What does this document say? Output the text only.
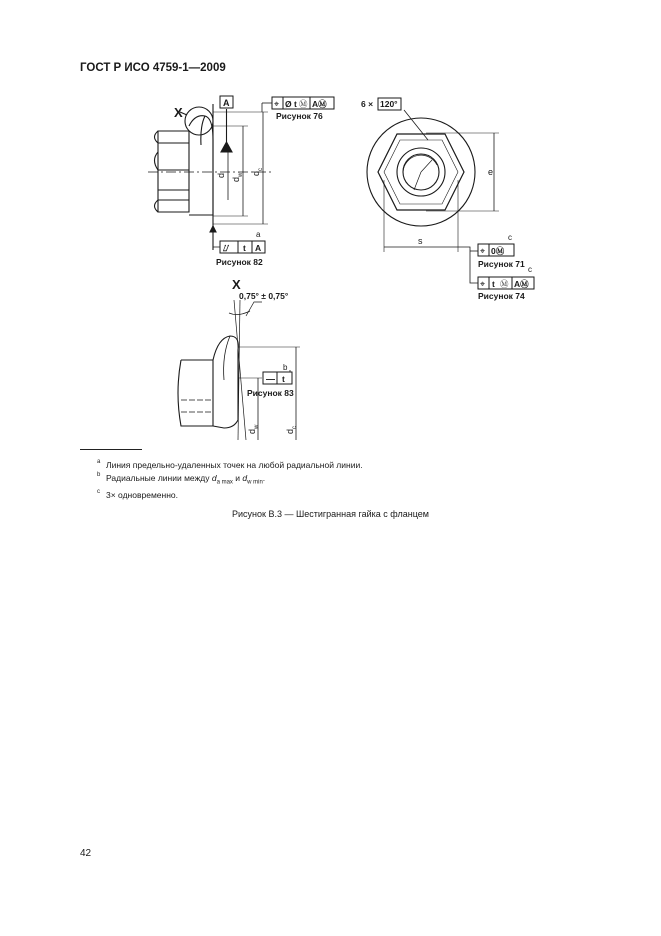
ГОСТ Р ИСО 4759-1—2009
X
A	⌖ Ø t Ⓜ AⓂ
Рисунок 76
d
$d_w$ $d_c$
a
⌰ t A
Рисунок 82
6 × 120°
e
s	c
⌖ 0Ⓜ
Рисунок 71
c
⌖ t Ⓜ AⓂ
Рисунок 74
X
0,75° ± 0,75°
b
— t
Рисунок 83
$d_w$
$d_c$
a Линия предельно-удаленных точек на любой радиальной линии.
b Радиальные линии между $d_{a max}$ и $d_{w min}$.
c 3× одновременно.
Рисунок В.3 — Шестигранная гайка с фланцем
42
